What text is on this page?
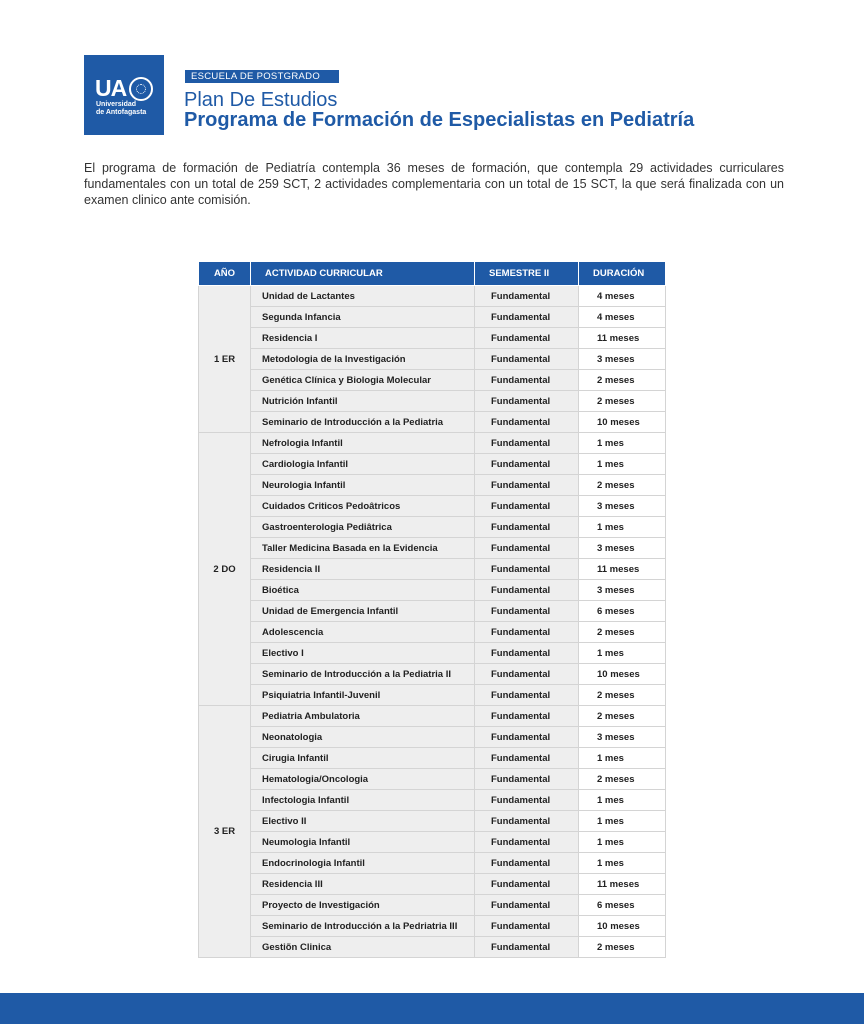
UA
Universidad
de Antofagasta
ESCUELA DE POSTGRADO
Plan De Estudios
Programa de Formación de Especialistas en Pediatría

El programa de formación de Pediatría contempla 36 meses de formación, que contempla 29 actividades curriculares fundamentales con un total de 259 SCT, 2 actividades complementaria con un total de 15 SCT, la que será finalizada con un examen clinico ante comisión.

AÑO	ACTIVIDAD CURRICULAR	SEMESTRE II	DURACIÓN
1 ER	Unidad de Lactantes	Fundamental	4 meses
	Segunda Infancia	Fundamental	4 meses
	Residencia I	Fundamental	11 meses
	Metodologia de la Investigación	Fundamental	3 meses
	Genética Clínica y Biologia Molecular	Fundamental	2 meses
	Nutrición Infantil	Fundamental	2 meses
	Seminario de Introducción a la Pediatria	Fundamental	10 meses
2 DO	Nefrologia Infantil	Fundamental	1 mes
	Cardiologia Infantil	Fundamental	1 mes
	Neurologia Infantil	Fundamental	2 meses
	Cuidados Criticos Pedoâtricos	Fundamental	3 meses
	Gastroenterologia Pediâtrica	Fundamental	1 mes
	Taller Medicina Basada en la Evidencia	Fundamental	3 meses
	Residencia II	Fundamental	11 meses
	Bioética	Fundamental	3 meses
	Unidad de Emergencia Infantil	Fundamental	6 meses
	Adolescencia	Fundamental	2 meses
	Electivo I	Fundamental	1 mes
	Seminario de Introducción a la Pediatria II	Fundamental	10 meses
	Psiquiatria Infantil-Juvenil	Fundamental	2 meses
3 ER	Pediatria Ambulatoria	Fundamental	2 meses
	Neonatologia	Fundamental	3 meses
	Cirugia Infantil	Fundamental	1 mes
	Hematologia/Oncologia	Fundamental	2 meses
	Infectologia Infantil	Fundamental	1 mes
	Electivo II	Fundamental	1 mes
	Neumologia Infantil	Fundamental	1 mes
	Endocrinologia Infantil	Fundamental	1 mes
	Residencia III	Fundamental	11 meses
	Proyecto de Investigación	Fundamental	6 meses
	Seminario de Introducción a la Pedriatria III	Fundamental	10 meses
	Gestiõn Clinica	Fundamental	2 meses
